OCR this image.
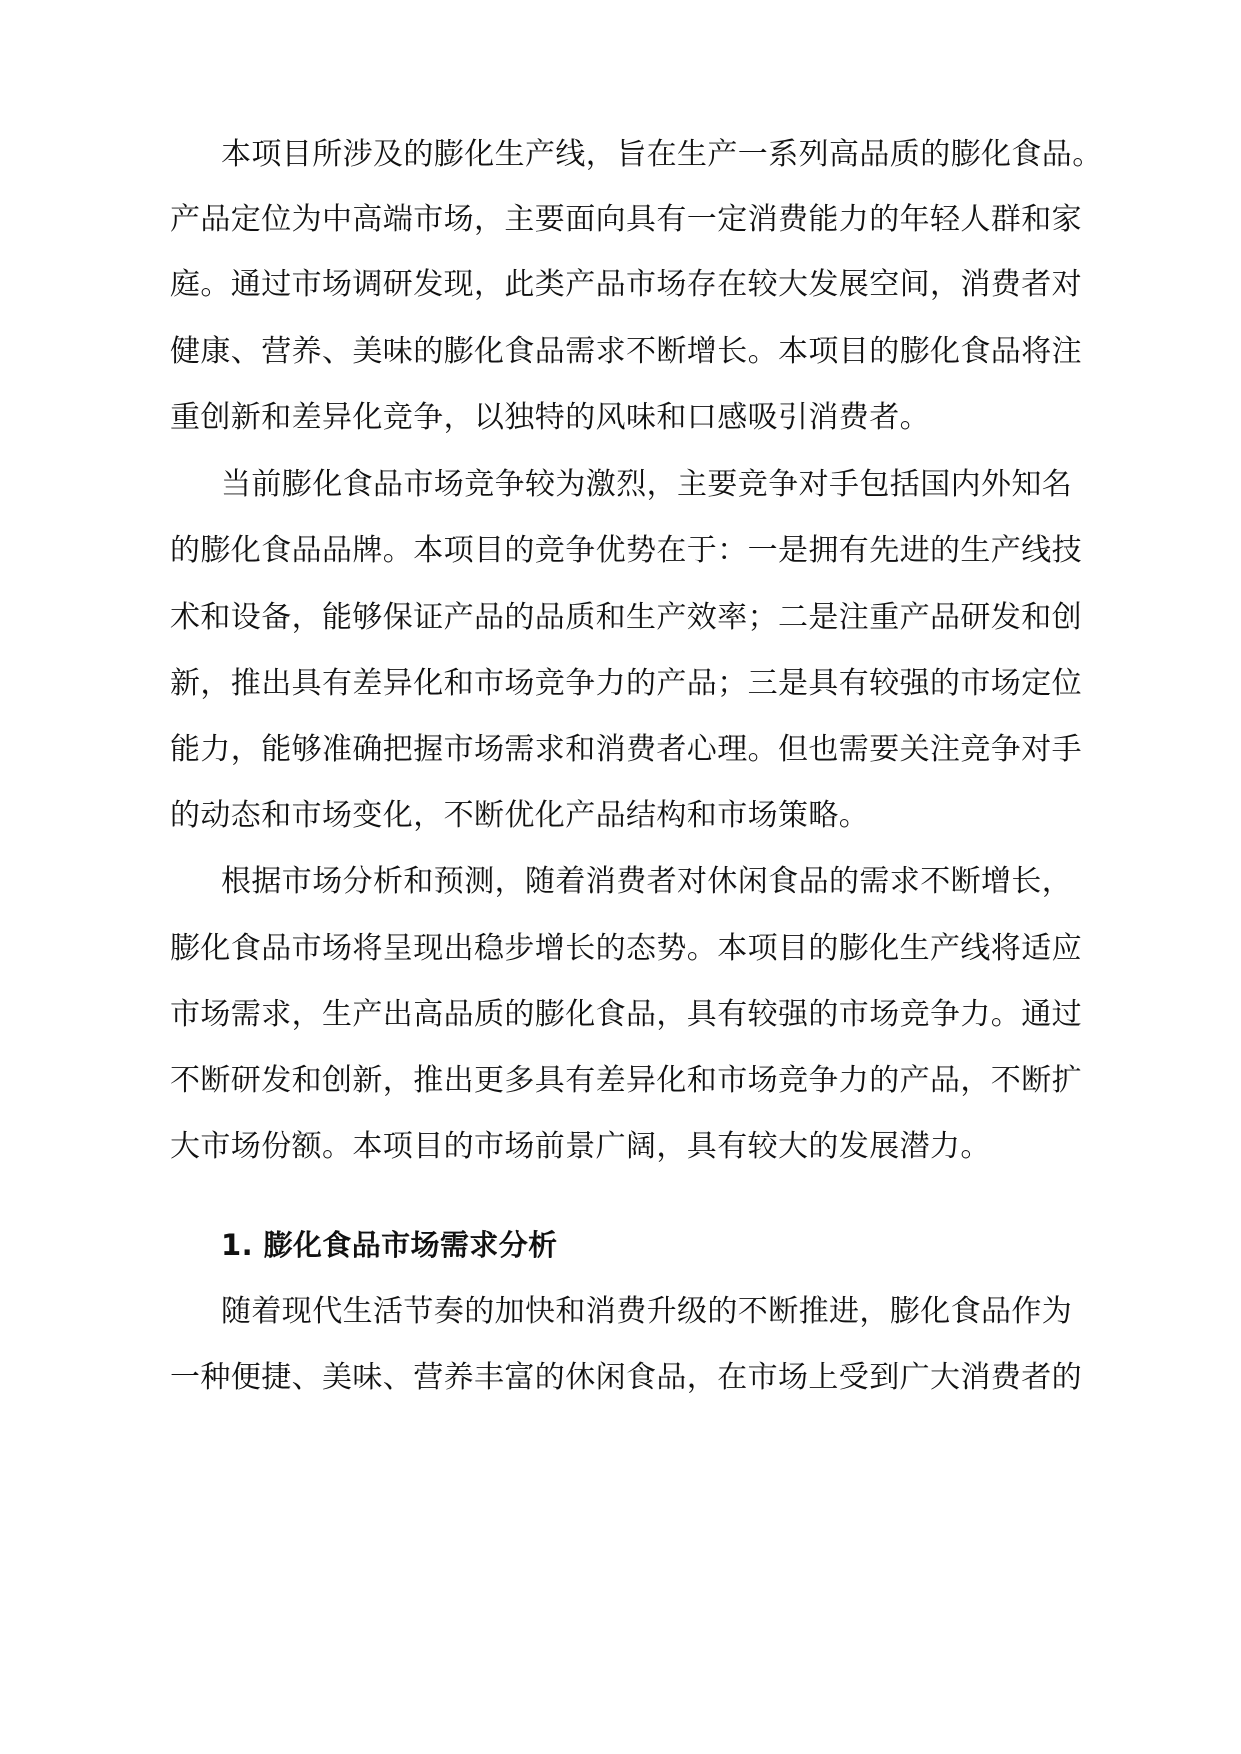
本项目所涉及的膨化生产线，旨在生产一系列高品质的膨化食品。

产品定位为中高端市场，主要面向具有一定消费能力的年轻人群和家

庭。通过市场调研发现，此类产品市场存在较大发展空间，消费者对

健康、营养、美味的膨化食品需求不断增长。本项目的膨化食品将注

重创新和差异化竞争，以独特的风味和口感吸引消费者。

当前膨化食品市场竞争较为激烈，主要竞争对手包括国内外知名

的膨化食品品牌。本项目的竞争优势在于：一是拥有先进的生产线技

术和设备，能够保证产品的品质和生产效率；二是注重产品研发和创

新，推出具有差异化和市场竞争力的产品；三是具有较强的市场定位

能力，能够准确把握市场需求和消费者心理。但也需要关注竞争对手

的动态和市场变化，不断优化产品结构和市场策略。

根据市场分析和预测，随着消费者对休闲食品的需求不断增长，

膨化食品市场将呈现出稳步增长的态势。本项目的膨化生产线将适应

市场需求，生产出高品质的膨化食品，具有较强的市场竞争力。通过

不断研发和创新，推出更多具有差异化和市场竞争力的产品，不断扩

大市场份额。本项目的市场前景广阔，具有较大的发展潜力。

1. 膨化食品市场需求分析

随着现代生活节奏的加快和消费升级的不断推进，膨化食品作为

一种便捷、美味、营养丰富的休闲食品，在市场上受到广大消费者的
